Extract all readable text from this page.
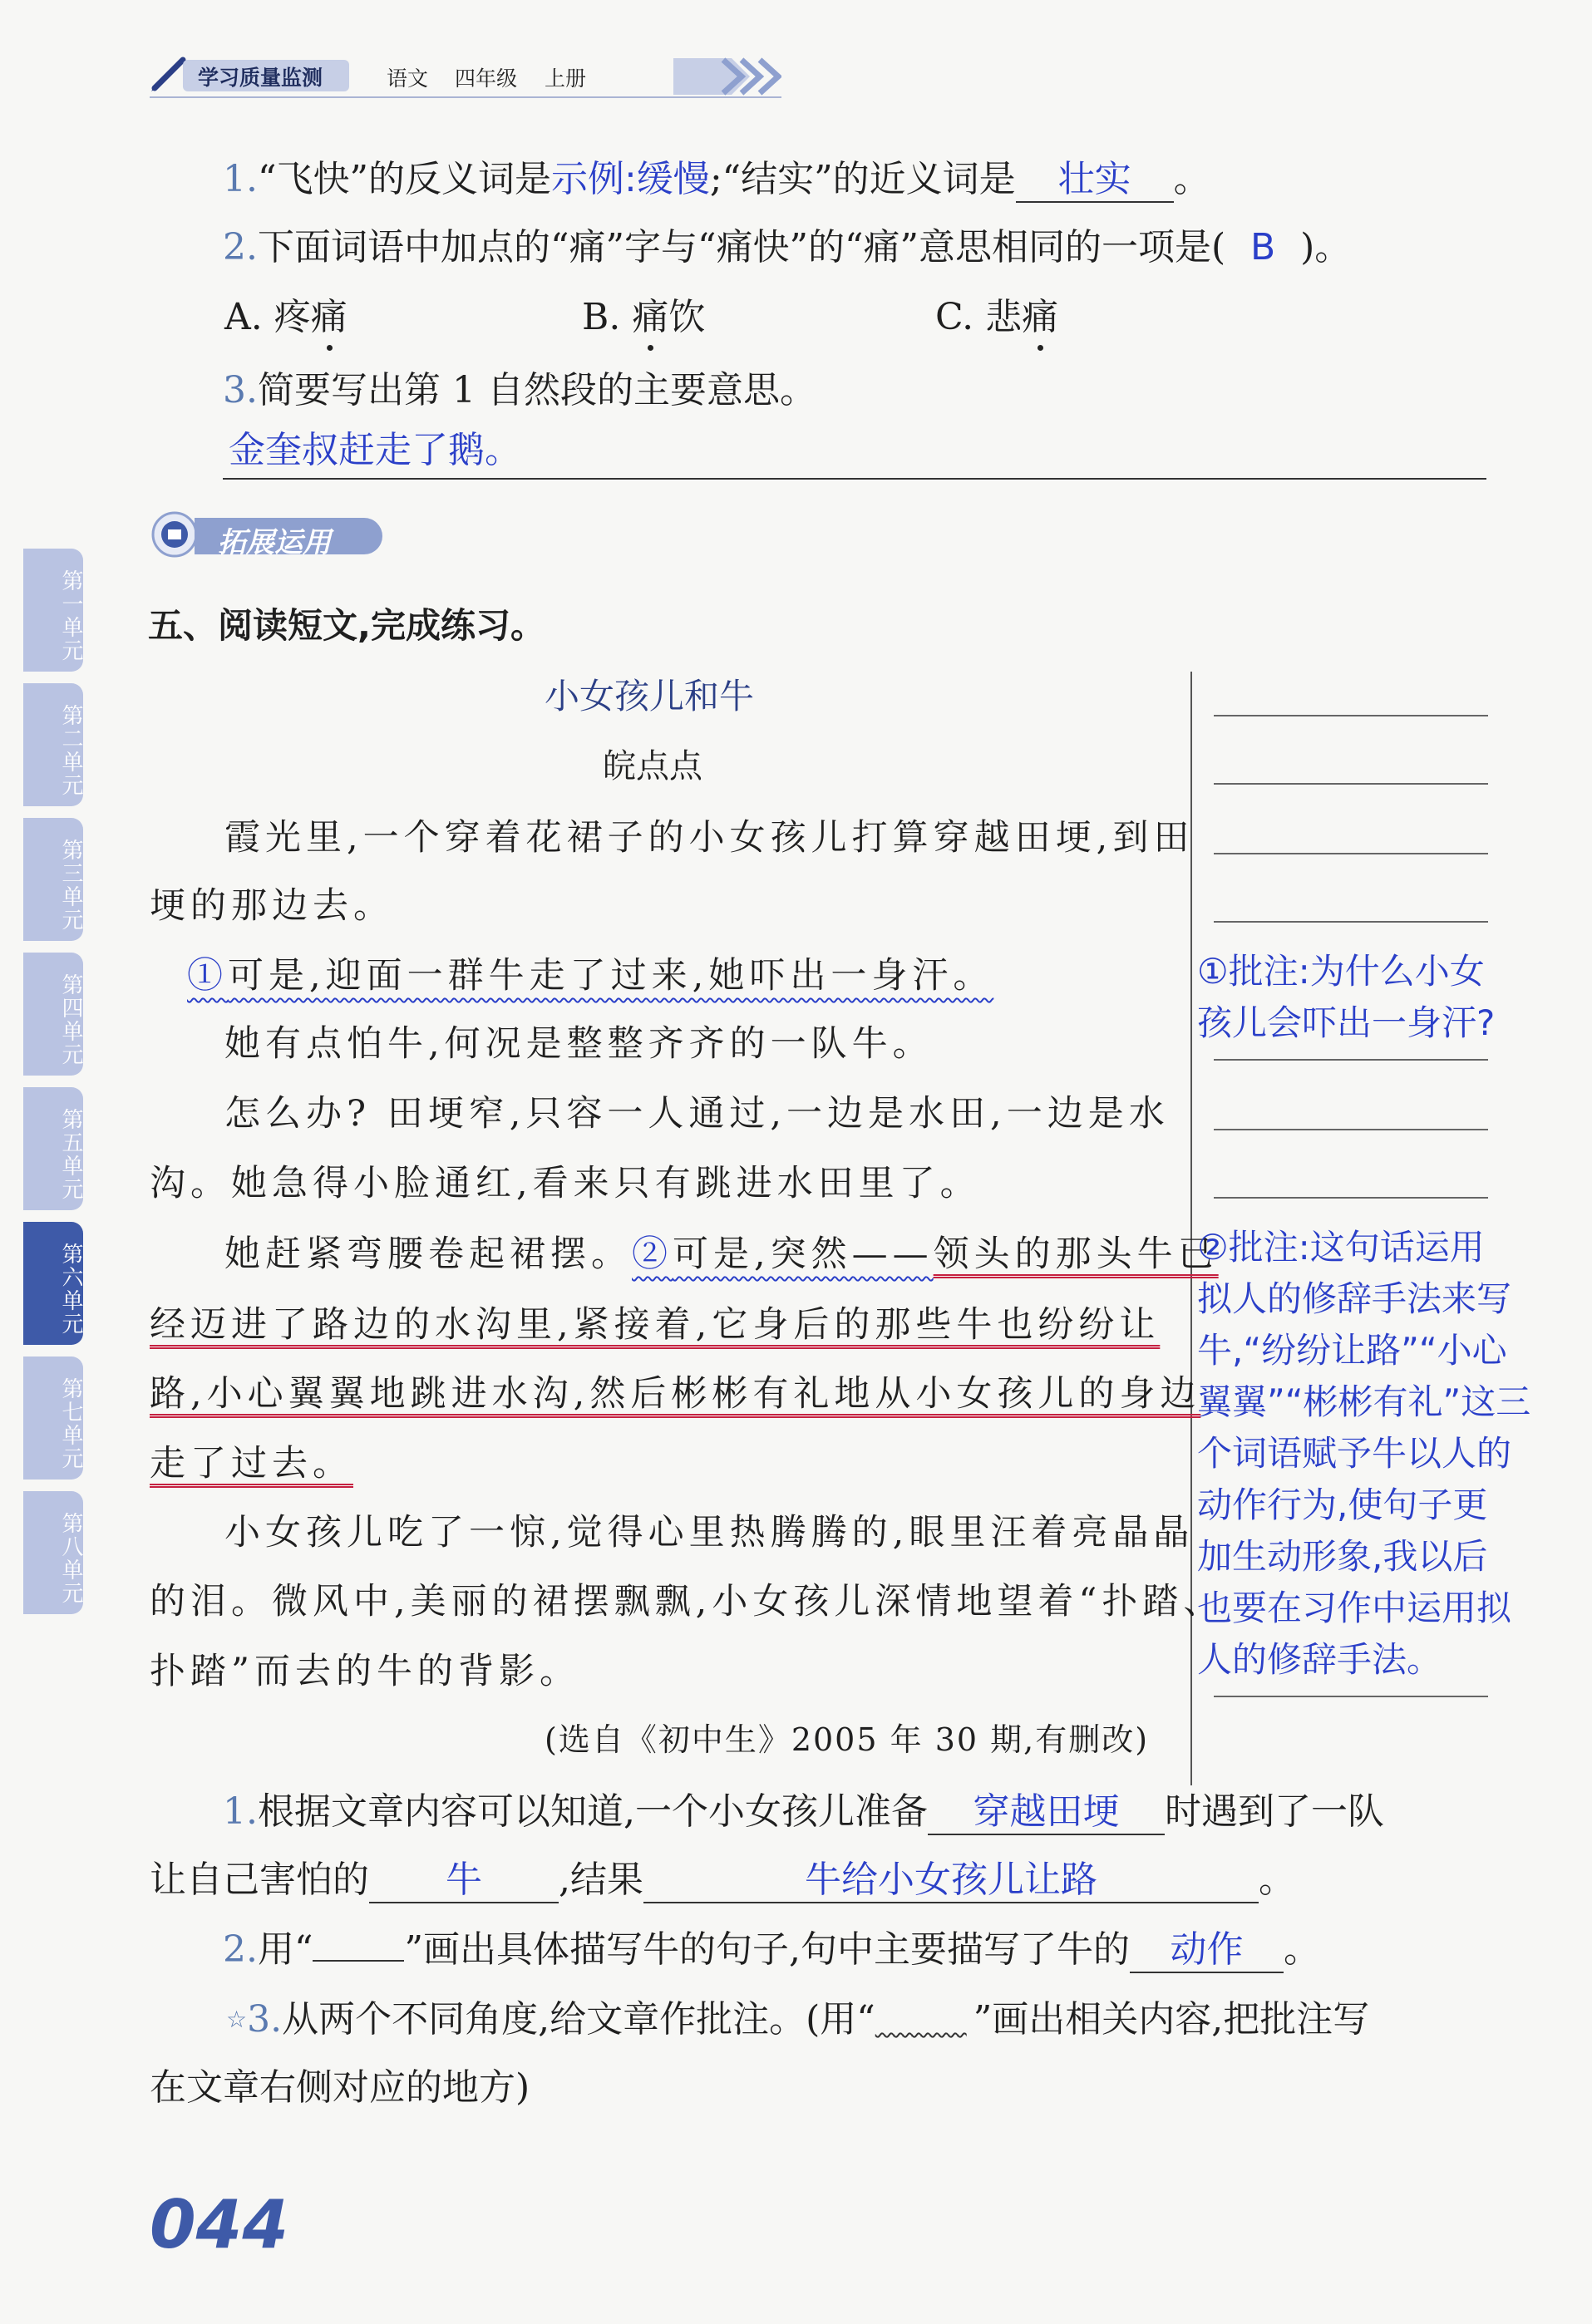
学习质量监测	语文 四年级 上册
第一单元
第二单元
第三单元
第四单元
第五单元
第六单元
第七单元
第八单元
1.“飞快”的反义词是示例:缓慢;“结实”的近义词是 壮实 。
2.下面词语中加点的“痛”字与“痛快”的“痛”意思相同的一项是( B )。
A. 疼痛	B. 痛饮	C. 悲痛
3.简要写出第 1 自然段的主要意思。
金奎叔赶走了鹅。
拓展运用
五、阅读短文,完成练习。
小女孩儿和牛
皖点点
霞光里,一个穿着花裙子的小女孩儿打算穿越田埂,到田
埂的那边去。
①可是,迎面一群牛走了过来,她吓出一身汗。
她有点怕牛,何况是整整齐齐的一队牛。
怎么办? 田埂窄,只容一人通过,一边是水田,一边是水
沟。她急得小脸通红,看来只有跳进水田里了。
她赶紧弯腰卷起裙摆。②可是,突然——领头的那头牛已
经迈进了路边的水沟里,紧接着,它身后的那些牛也纷纷让
路,小心翼翼地跳进水沟,然后彬彬有礼地从小女孩儿的身边
走了过去。
小女孩儿吃了一惊,觉得心里热腾腾的,眼里汪着亮晶晶
的泪。微风中,美丽的裙摆飘飘,小女孩儿深情地望着“扑踏、
扑踏”而去的牛的背影。
(选自《初中生》2005 年 30 期,有删改)
①批注:为什么小女
孩儿会吓出一身汗?
②批注:这句话运用
拟人的修辞手法来写
牛,“纷纷让路”“小心
翼翼”“彬彬有礼”这三
个词语赋予牛以人的
动作行为,使句子更
加生动形象,我以后
也要在习作中运用拟
人的修辞手法。
1.根据文章内容可以知道,一个小女孩儿准备 穿越田埂 时遇到了一队
让自己害怕的 牛 ,结果	牛给小女孩儿让路	。
2.用“	”画出具体描写牛的句子,句中主要描写了牛的 动作 。
☆3.从两个不同角度,给文章作批注。(用“     	”画出相关内容,把批注写
在文章右侧对应的地方)
044
